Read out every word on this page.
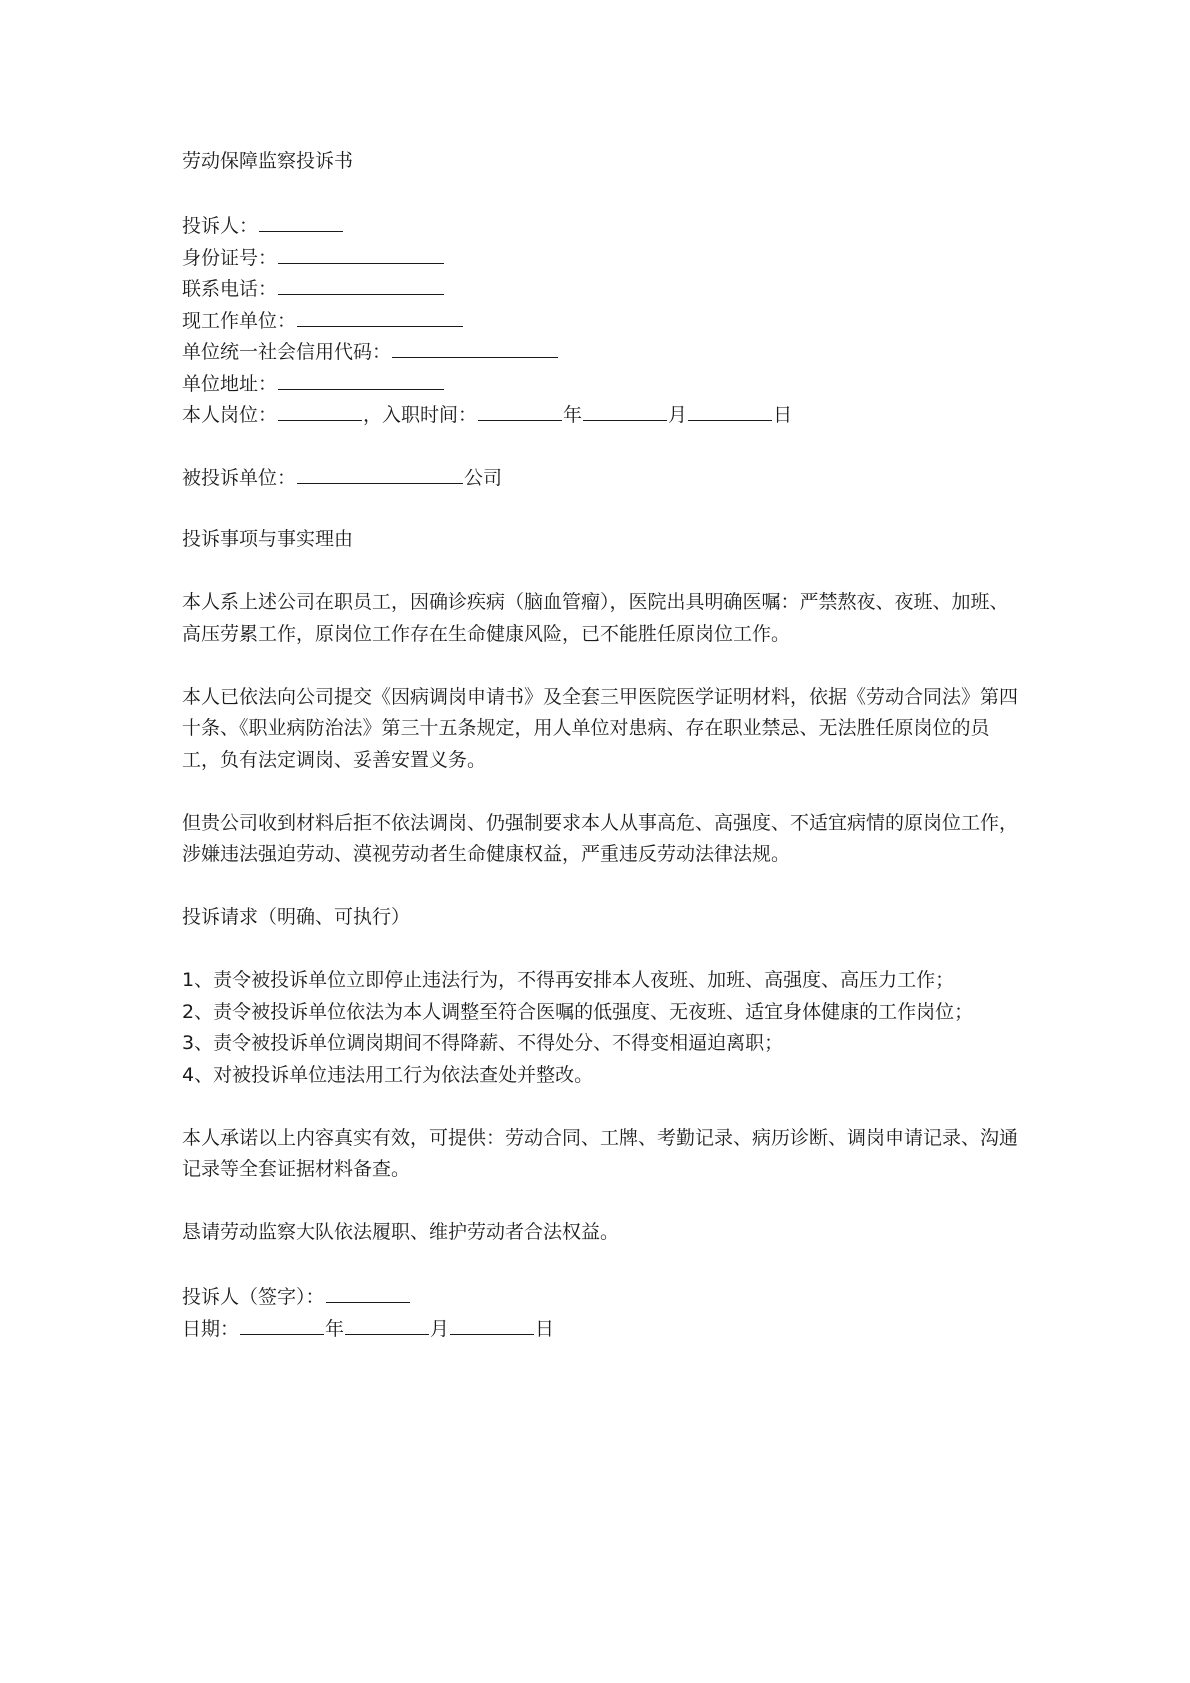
劳动保障监察投诉书
投诉人：
身份证号：
联系电话：
现工作单位：
单位统一社会信用代码：
单位地址：
本人岗位：	，入职时间：	年	月	日
被投诉单位：	公司
投诉事项与事实理由
本人系上述公司在职员工，因确诊疾病（脑血管瘤），医院出具明确医嘱：严禁熬夜、夜班、加班、高压劳累工作，原岗位工作存在生命健康风险，已不能胜任原岗位工作。
本人已依法向公司提交《因病调岗申请书》及全套三甲医院医学证明材料，依据《劳动合同法》第四十条、《职业病防治法》第三十五条规定，用人单位对患病、存在职业禁忌、无法胜任原岗位的员工，负有法定调岗、妥善安置义务。
但贵公司收到材料后拒不依法调岗、仍强制要求本人从事高危、高强度、不适宜病情的原岗位工作，涉嫌违法强迫劳动、漠视劳动者生命健康权益，严重违反劳动法律法规。
投诉请求（明确、可执行）
1、责令被投诉单位立即停止违法行为，不得再安排本人夜班、加班、高强度、高压力工作；
2、责令被投诉单位依法为本人调整至符合医嘱的低强度、无夜班、适宜身体健康的工作岗位；
3、责令被投诉单位调岗期间不得降薪、不得处分、不得变相逼迫离职；
4、对被投诉单位违法用工行为依法查处并整改。
本人承诺以上内容真实有效，可提供：劳动合同、工牌、考勤记录、病历诊断、调岗申请记录、沟通记录等全套证据材料备查。
恳请劳动监察大队依法履职、维护劳动者合法权益。
投诉人（签字）：
日期：	年	月	日
